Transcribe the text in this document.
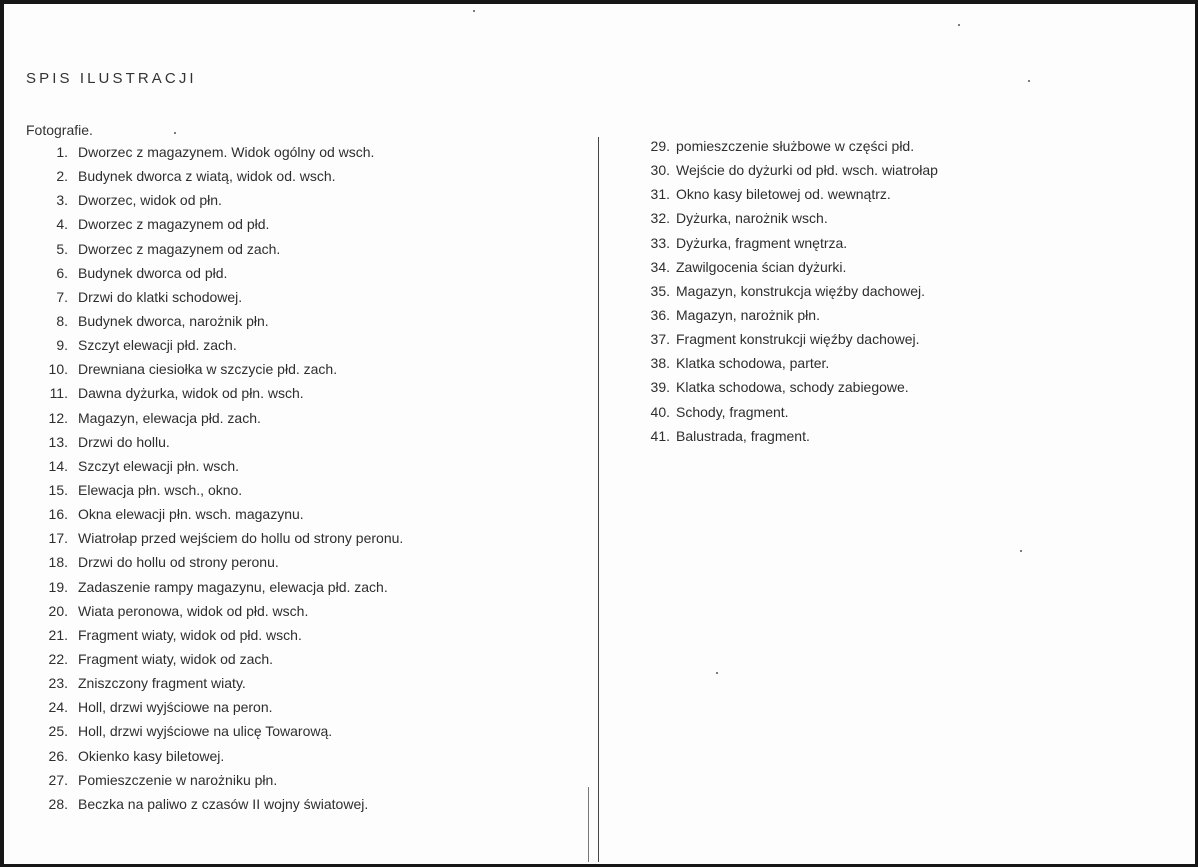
SPIS ILUSTRACJI
Fotografie.
1. Dworzec z magazynem. Widok ogólny od wsch.
2. Budynek dworca z wiatą, widok od. wsch.
3. Dworzec, widok od płn.
4. Dworzec z magazynem od płd.
5. Dworzec z magazynem od zach.
6. Budynek dworca od płd.
7. Drzwi do klatki schodowej.
8. Budynek dworca, narożnik płn.
9. Szczyt elewacji płd. zach.
10. Drewniana ciesiołka w szczycie płd. zach.
11. Dawna dyżurka, widok od płn. wsch.
12. Magazyn, elewacja płd. zach.
13. Drzwi do hollu.
14. Szczyt elewacji płn. wsch.
15. Elewacja płn. wsch., okno.
16. Okna elewacji płn. wsch. magazynu.
17. Wiatrołap przed wejściem do hollu od strony peronu.
18. Drzwi do hollu od strony peronu.
19. Zadaszenie rampy magazynu, elewacja płd. zach.
20. Wiata peronowa, widok od płd. wsch.
21. Fragment wiaty, widok od płd. wsch.
22. Fragment wiaty, widok od zach.
23. Zniszczony fragment wiaty.
24. Holl, drzwi wyjściowe na peron.
25. Holl, drzwi wyjściowe na ulicę Towarową.
26. Okienko kasy biletowej.
27. Pomieszczenie w narożniku płn.
28. Beczka na paliwo z czasów II wojny światowej.
29. pomieszczenie służbowe w części płd.
30. Wejście do dyżurki od płd. wsch. wiatrołap
31. Okno kasy biletowej od. wewnątrz.
32. Dyżurka, narożnik wsch.
33. Dyżurka, fragment wnętrza.
34. Zawilgocenia ścian dyżurki.
35. Magazyn, konstrukcja więźby dachowej.
36. Magazyn, narożnik płn.
37. Fragment konstrukcji więźby dachowej.
38. Klatka schodowa, parter.
39. Klatka schodowa, schody zabiegowe.
40. Schody, fragment.
41. Balustrada, fragment.
